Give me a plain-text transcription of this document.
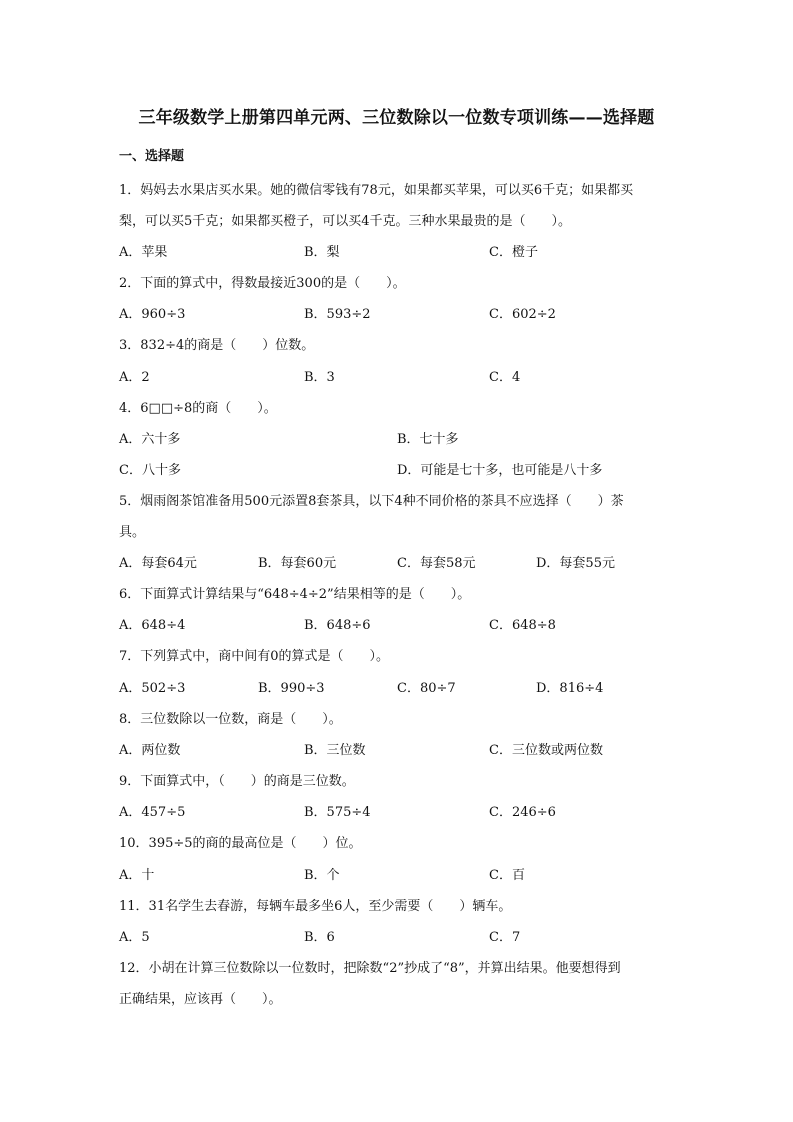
三年级数学上册第四单元两、三位数除以一位数专项训练——选择题
一、选择题
1．妈妈去水果店买水果。她的微信零钱有78元，如果都买苹果，可以买6千克；如果都买
梨，可以买5千克；如果都买橙子，可以买4千克。三种水果最贵的是（　　）。
A．苹果	B．梨	C．橙子
2．下面的算式中，得数最接近300的是（　　）。
A．960÷3	B．593÷2	C．602÷2
3．832÷4的商是（　　）位数。
A．2	B．3	C．4
4．6□□÷8的商（　　）。
A．六十多	B．七十多
C．八十多	D．可能是七十多，也可能是八十多
5．烟雨阁茶馆准备用500元添置8套茶具，以下4种不同价格的茶具不应选择（　　）茶
具。
A．每套64元	B．每套60元	C．每套58元	D．每套55元
6．下面算式计算结果与“648÷4÷2”结果相等的是（　　）。
A．648÷4	B．648÷6	C．648÷8
7．下列算式中，商中间有0的算式是（　　）。
A．502÷3	B．990÷3	C．80÷7	D．816÷4
8．三位数除以一位数，商是（　　）。
A．两位数	B．三位数	C．三位数或两位数
9．下面算式中，（　　）的商是三位数。
A．457÷5	B．575÷4	C．246÷6
10．395÷5的商的最高位是（　　）位。
A．十	B．个	C．百
11．31名学生去春游，每辆车最多坐6人，至少需要（　　）辆车。
A．5	B．6	C．7
12．小胡在计算三位数除以一位数时，把除数“2”抄成了“8”，并算出结果。他要想得到
正确结果，应该再（　　）。
